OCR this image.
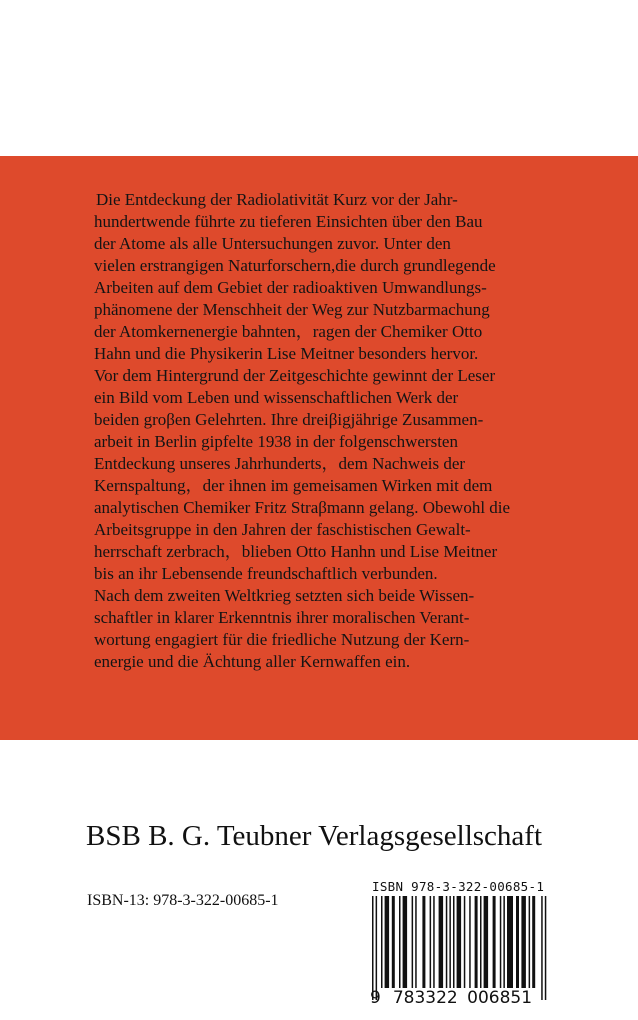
Die Entdeckung der Radiolativität Kurz vor der Jahr-
hundertwende führte zu tieferen Einsichten über den Bau
der Atome als alle Untersuchungen zuvor. Unter den
vielen erstrangigen Naturforschern,die durch grundlegende
Arbeiten auf dem Gebiet der radioaktiven Umwandlungs-
phänomene der Menschheit der Weg zur Nutzbarmachung
der Atomkernenergie bahnten，ragen der Chemiker Otto
Hahn und die Physikerin Lise Meitner besonders hervor.
Vor dem Hintergrund der Zeitgeschichte gewinnt der Leser
ein Bild vom Leben und wissenschaftlichen Werk der
beiden groβen Gelehrten. Ihre dreiβigjährige Zusammen-
arbeit in Berlin gipfelte 1938 in der folgenschwersten
Entdeckung unseres Jahrhunderts，dem Nachweis der
Kernspaltung，der ihnen im gemeisamen Wirken mit dem
analytischen Chemiker Fritz Straβmann gelang. Obewohl die
Arbeitsgruppe in den Jahren der faschistischen Gewalt-
herrschaft zerbrach，blieben Otto Hanhn und Lise Meitner
bis an ihr Lebensende freundschaftlich verbunden.
Nach dem zweiten Weltkrieg setzten sich beide Wissen-
schaftler in klarer Erkenntnis ihrer moralischen Verant-
wortung engagiert für die friedliche Nutzung der Kern-
energie und die Ächtung aller Kernwaffen ein.
BSB B. G. Teubner Verlagsgesellschaft
ISBN-13: 978-3-322-00685-1
ISBN 978-3-322-00685-1
9 783322 006851
